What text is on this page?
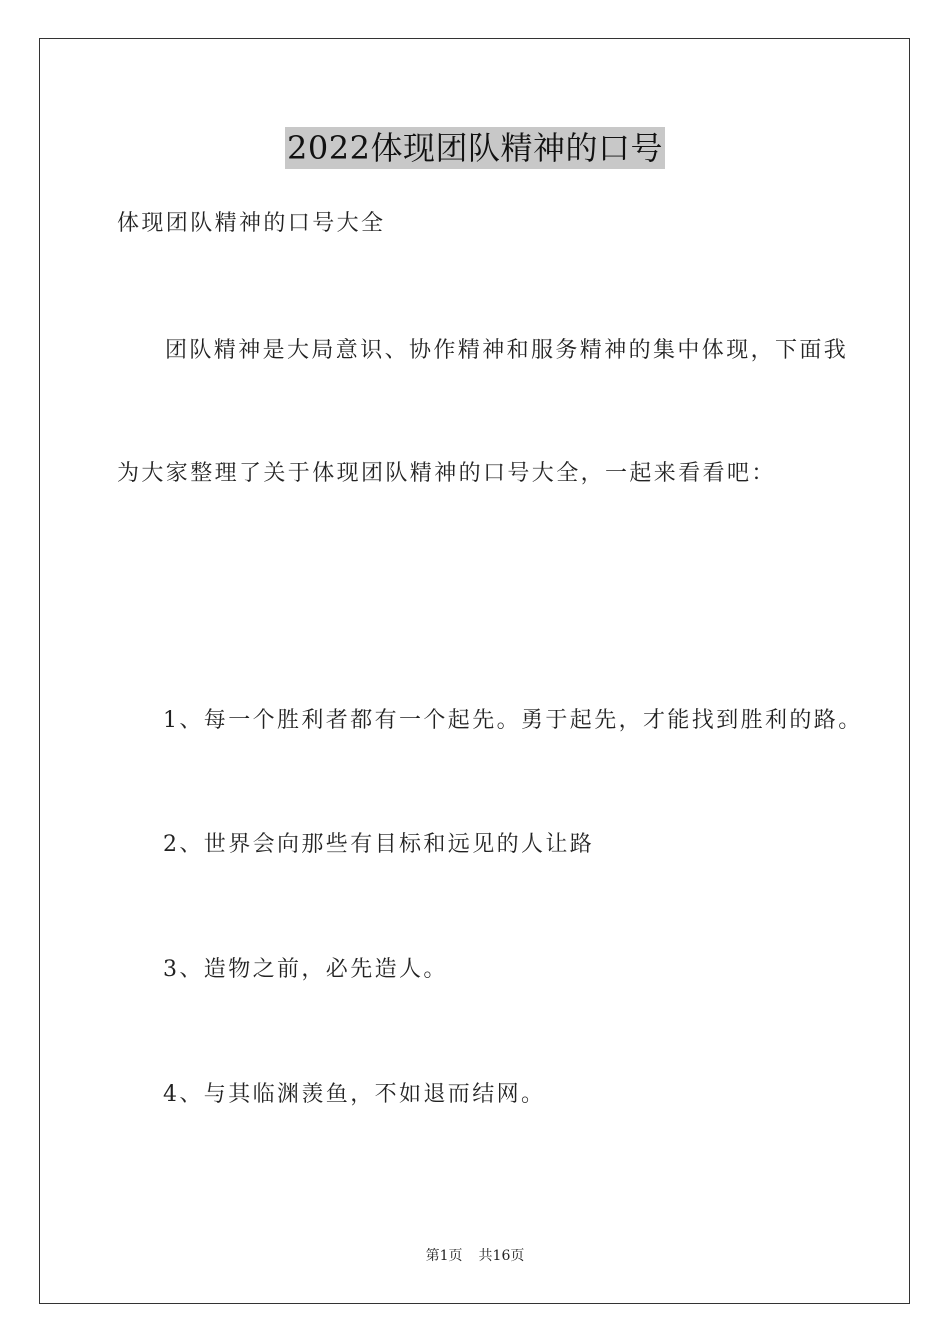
2022体现团队精神的口号
体现团队精神的口号大全
团队精神是大局意识、协作精神和服务精神的集中体现，下面我
为大家整理了关于体现团队精神的口号大全，一起来看看吧：
1、每一个胜利者都有一个起先。勇于起先，才能找到胜利的路。
2、世界会向那些有目标和远见的人让路
3、造物之前，必先造人。
4、与其临渊羡鱼，不如退而结网。
第1页 共16页
